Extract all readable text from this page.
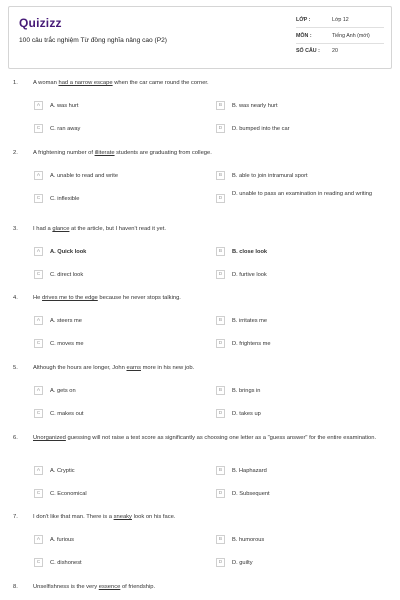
Quizizz
100 câu trắc nghiệm Từ đồng nghĩa nâng cao (P2)
LỚP :	Lớp 12
MÔN :	Tiếng Anh (mới)
SỐ CÂU : 20
1.	A woman had a narrow escape when the car came round the corner.
A	A. was hurt	B	B. was nearly hurt
C	C. ran away	D	D. bumped into the car
2.	A frightening number of illiterate students are graduating from college.
A	A. unable to read and write	B	B. able to join intramural sport
C	C. inflexible	D
D. unable to pass an examination in reading and writing
3.	I had a glance at the article, but I haven't read it yet.
A	A. Quick look	B	B. close look
C	C. direct look	D	D. furtive look
4.	He drives me to the edge because he never stops talking.
A	A. steers me	B	B. irritates me
C	C. moves me	D	D. frightens me
5.	Although the hours are longer, John earns more in his new job.
A	A. gets on	B	B. brings in
C	C. makes out	D	D. takes up
6.	Unorganized guessing will not raise a test score as significantly as choosing one letter as a "guess answer" for the entire examination.
A	A. Cryptic	B	B. Haphazard
C	C. Economical	D	D. Subsequent
7.	I don't like that man. There is a sneaky look on his face.
A	A. furious	B	B. humorous
C	C. dishonest	D	D. guilty
8.	Unselfishness is the very essence of friendship.
